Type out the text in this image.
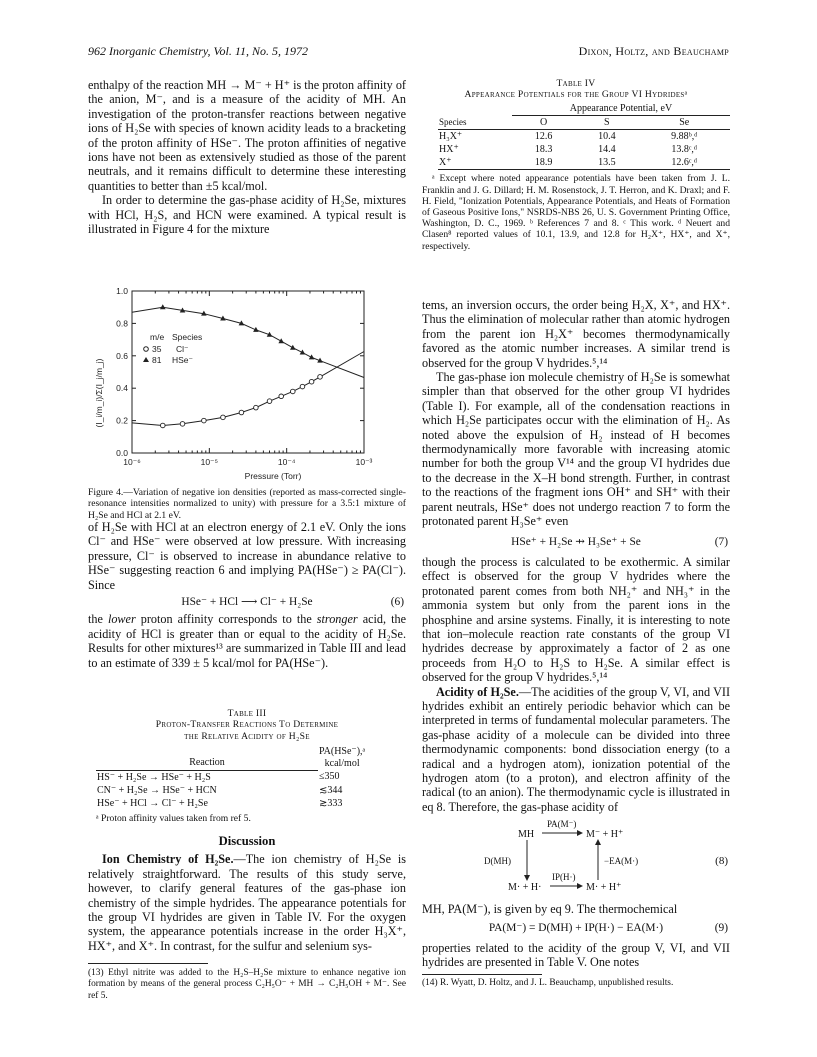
962 Inorganic Chemistry, Vol. 11, No. 5, 1972	Dixon, Holtz, and Beauchamp

enthalpy of the reaction MH → M⁻ + H⁺ is the proton affinity of the anion, M⁻, and is a measure of the acidity of MH. An investigation of the proton-transfer reactions between negative ions of H₂Se with species of known acidity leads to a bracketing of the proton affinity of HSe⁻. The proton affinities of negative ions have not been as extensively studied as those of the parent neutrals, and it remains difficult to determine these interesting quantities to better than ±5 kcal/mol.

In order to determine the gas-phase acidity of H₂Se, mixtures with HCl, H₂S, and HCN were examined. A typical result is illustrated in Figure 4 for the mixture

(I_i/m_i)/Σ(I_j/m_j)
Pressure (Torr)
0.0
0.2
0.4
0.6
0.8
1.0
10⁻⁶	10⁻⁵	10⁻⁴	10⁻³
m/e Species
35 Cl⁻
81 HSe⁻
Figure 4.—Variation of negative ion densities (reported as mass-corrected single-resonance intensities normalized to unity) with pressure for a 3.5:1 mixture of H₂Se and HCl at 2.1 eV.

of H₂Se with HCl at an electron energy of 2.1 eV. Only the ions Cl⁻ and HSe⁻ were observed at low pressure. With increasing pressure, Cl⁻ is observed to increase in abundance relative to HSe⁻ suggesting reaction 6 and implying PA(HSe⁻) ≥ PA(Cl⁻). Since

HSe⁻ + HCl ⟶ Cl⁻ + H₂Se	(6)

the lower proton affinity corresponds to the stronger acid, the acidity of HCl is greater than or equal to the acidity of H₂Se. Results for other mixtures¹³ are summarized in Table III and lead to an estimate of 339 ± 5 kcal/mol for PA(HSe⁻).

Table III
Proton-Transfer Reactions To Determine
the Relative Acidity of H₂Se
Reaction	PA(HSe⁻),ᵃ
kcal/mol

HS⁻ + H₂Se → HSe⁻ + H₂S	≤350
CN⁻ + H₂Se → HSe⁻ + HCN	≲344
HSe⁻ + HCl → Cl⁻ + H₂Se	≳333
ᵃ Proton affinity values taken from ref 5.
Discussion

Ion Chemistry of H₂Se.—The ion chemistry of H₂Se is relatively straightforward. The results of this study serve, however, to clarify general features of the gas-phase ion chemistry of the simple hydrides. The appearance potentials for the group VI hydrides are given in Table IV. For the oxygen system, the appearance potentials increase in the order H₃X⁺, HX⁺, and X⁺. In contrast, for the sulfur and selenium sys-

(13) Ethyl nitrite was added to the H₂S–H₂Se mixture to enhance negative ion formation by means of the general process C₂H₅O⁻ + MH → C₂H₅OH + M⁻. See ref 5.
Table IV
Appearance Potentials for the Group VI Hydridesᵃ
	Appearance Potential, eV		
Species	O	S	Se
H₃X⁺	12.6	10.4	9.88ᵇ,ᵈ
HX⁺	18.3	14.4	13.8ᶜ,ᵈ
X⁺	18.9	13.5	12.6ᶜ,ᵈ
ᵃ Except where noted appearance potentials have been taken from J. L. Franklin and J. G. Dillard; H. M. Rosenstock, J. T. Herron, and K. Draxl; and F. H. Field, "Ionization Potentials, Appearance Potentials, and Heats of Formation of Gaseous Positive Ions," NSRDS-NBS 26, U. S. Government Printing Office, Washington, D. C., 1969. ᵇ References 7 and 8. ᶜ This work. ᵈ Neuert and Clasen⁸ reported values of 10.1, 13.9, and 12.8 for H₂X⁺, HX⁺, and X⁺, respectively.

tems, an inversion occurs, the order being H₂X, X⁺, and HX⁺. Thus the elimination of molecular rather than atomic hydrogen from the parent ion H₂X⁺ becomes thermodynamically favored as the atomic number increases. A similar trend is observed for the group V hydrides.⁵,¹⁴

The gas-phase ion molecule chemistry of H₂Se is somewhat simpler than that observed for the other group VI hydrides (Table I). For example, all of the condensation reactions in which H₂Se participates occur with the elimination of H₂. As noted above the expulsion of H₂ instead of H becomes thermodynamically more favorable with increasing atomic number for both the group V¹⁴ and the group VI hydrides due to the decrease in the X–H bond strength. Further, in contrast to the reactions of the fragment ions OH⁺ and SH⁺ with their parent neutrals, HSe⁺ does not undergo reaction 7 to form the protonated parent H₃Se⁺ even

HSe⁺ + H₂Se ⇸ H₃Se⁺ + Se	(7)

though the process is calculated to be exothermic. A similar effect is observed for the group V hydrides where the protonated parent comes from both NH₂⁺ and NH₃⁺ in the ammonia system but only from the parent ions in the phosphine and arsine systems. Finally, it is interesting to note that ion–molecule reaction rate constants of the group VI hydrides decrease by approximately a factor of 2 as one proceeds from H₂O to H₂S to H₂Se. A similar effect is observed for the group V hydrides.⁵,¹⁴

Acidity of H₂Se.—The acidities of the group V, VI, and VII hydrides exhibit an entirely periodic behavior which can be interpreted in terms of fundamental molecular parameters. The gas-phase acidity of a molecule can be divided into three thermodynamic components: bond dissociation energy (to a radical and a hydrogen atom), ionization potential of the hydrogen atom (to a proton), and electron affinity of the radical (to an anion). The thermodynamic cycle is illustrated in eq 8. Therefore, the gas-phase acidity of

PA(M⁻)
MH	M⁻ + H⁺
D(MH)	−EA(M·)	(8)
IP(H·)
M· + H·	M· + H⁺

MH, PA(M⁻), is given by eq 9. The thermochemical

PA(M⁻) = D(MH) + IP(H·) − EA(M·)	(9)

properties related to the acidity of the group V, VI, and VII hydrides are presented in Table V. One notes

(14) R. Wyatt, D. Holtz, and J. L. Beauchamp, unpublished results.
